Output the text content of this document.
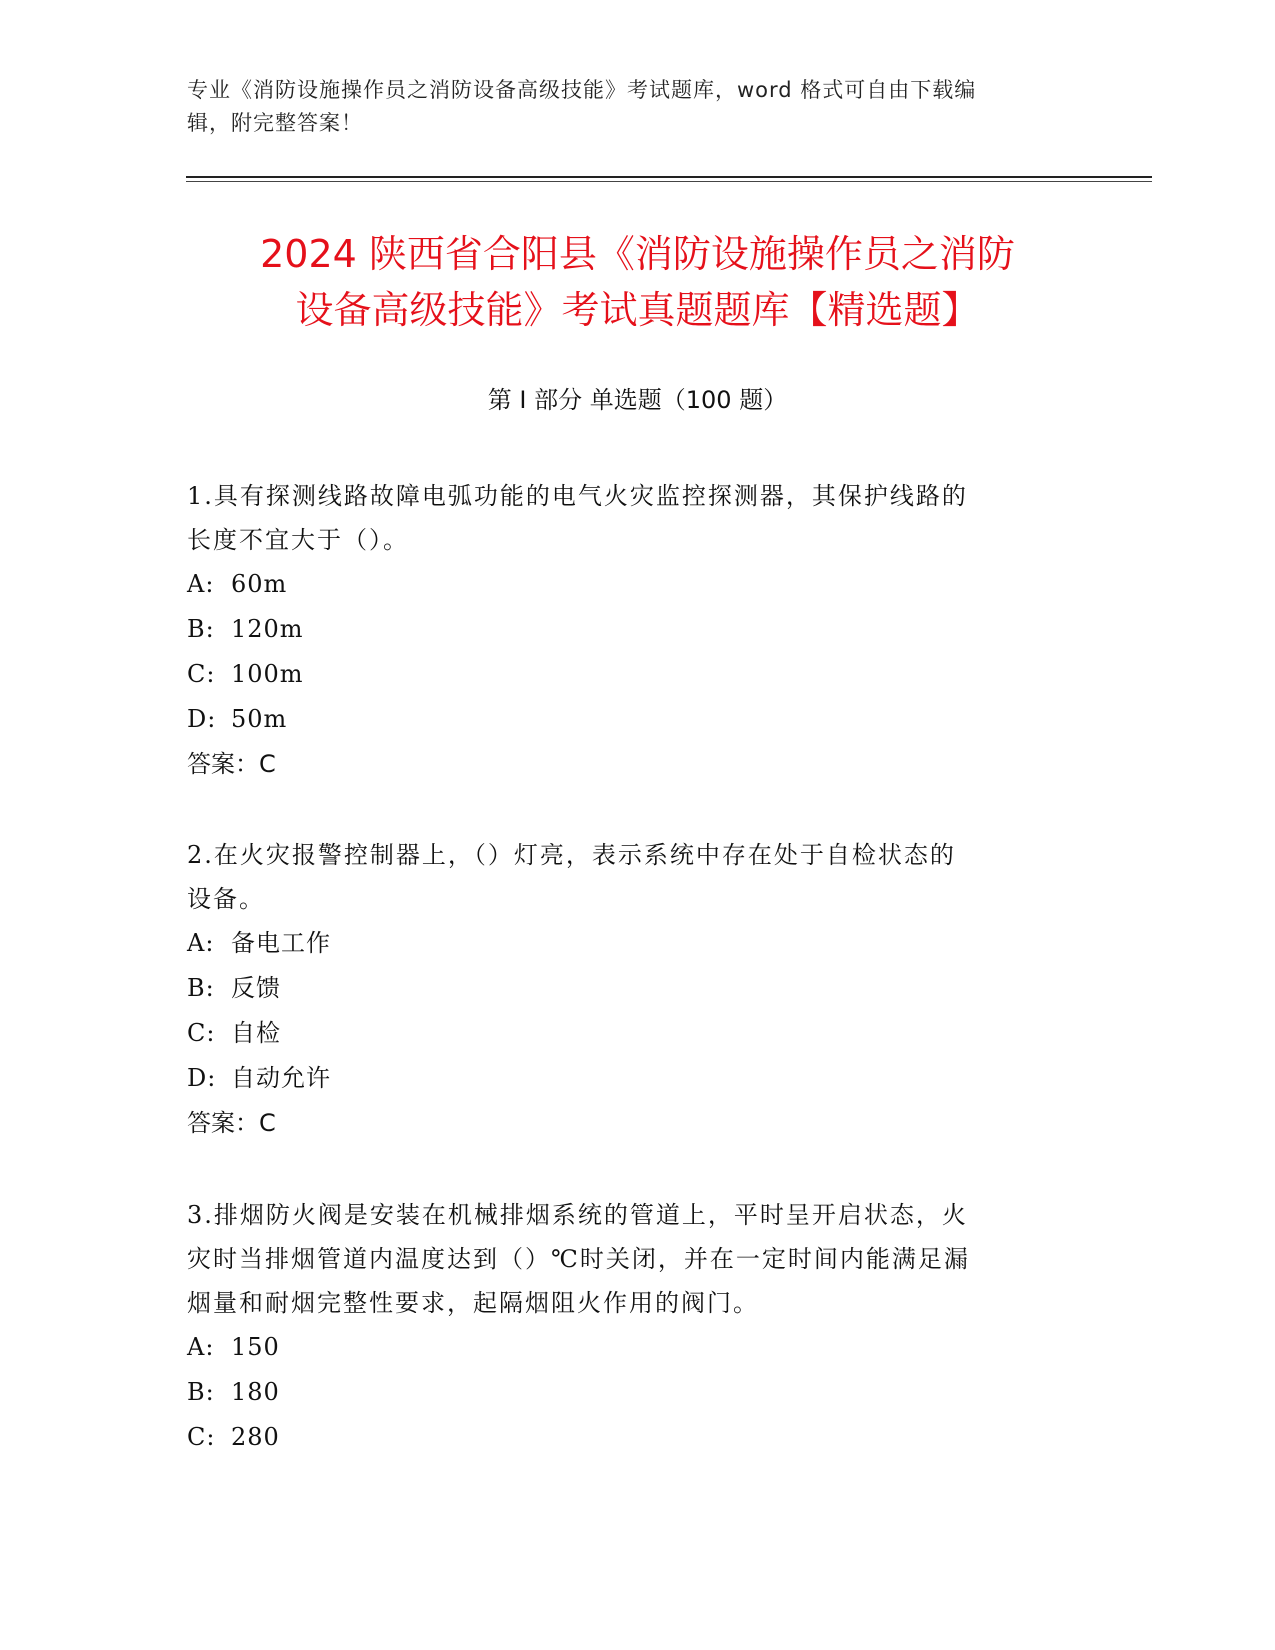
专业《消防设施操作员之消防设备高级技能》考试题库，word 格式可自由下载编
辑，附完整答案！
2024 陕西省合阳县《消防设施操作员之消防
设备高级技能》考试真题题库【精选题】
第 I 部分 单选题（100 题）
1.具有探测线路故障电弧功能的电气火灾监控探测器，其保护线路的
长度不宜大于（）。
A: 60m
B: 120m
C: 100m
D: 50m
答案：C
2.在火灾报警控制器上，（）灯亮，表示系统中存在处于自检状态的
设备。
A: 备电工作
B: 反馈
C: 自检
D: 自动允许
答案：C
3.排烟防火阀是安装在机械排烟系统的管道上，平时呈开启状态，火
灾时当排烟管道内温度达到（）℃时关闭，并在一定时间内能满足漏
烟量和耐烟完整性要求，起隔烟阻火作用的阀门。
A: 150
B: 180
C: 280
